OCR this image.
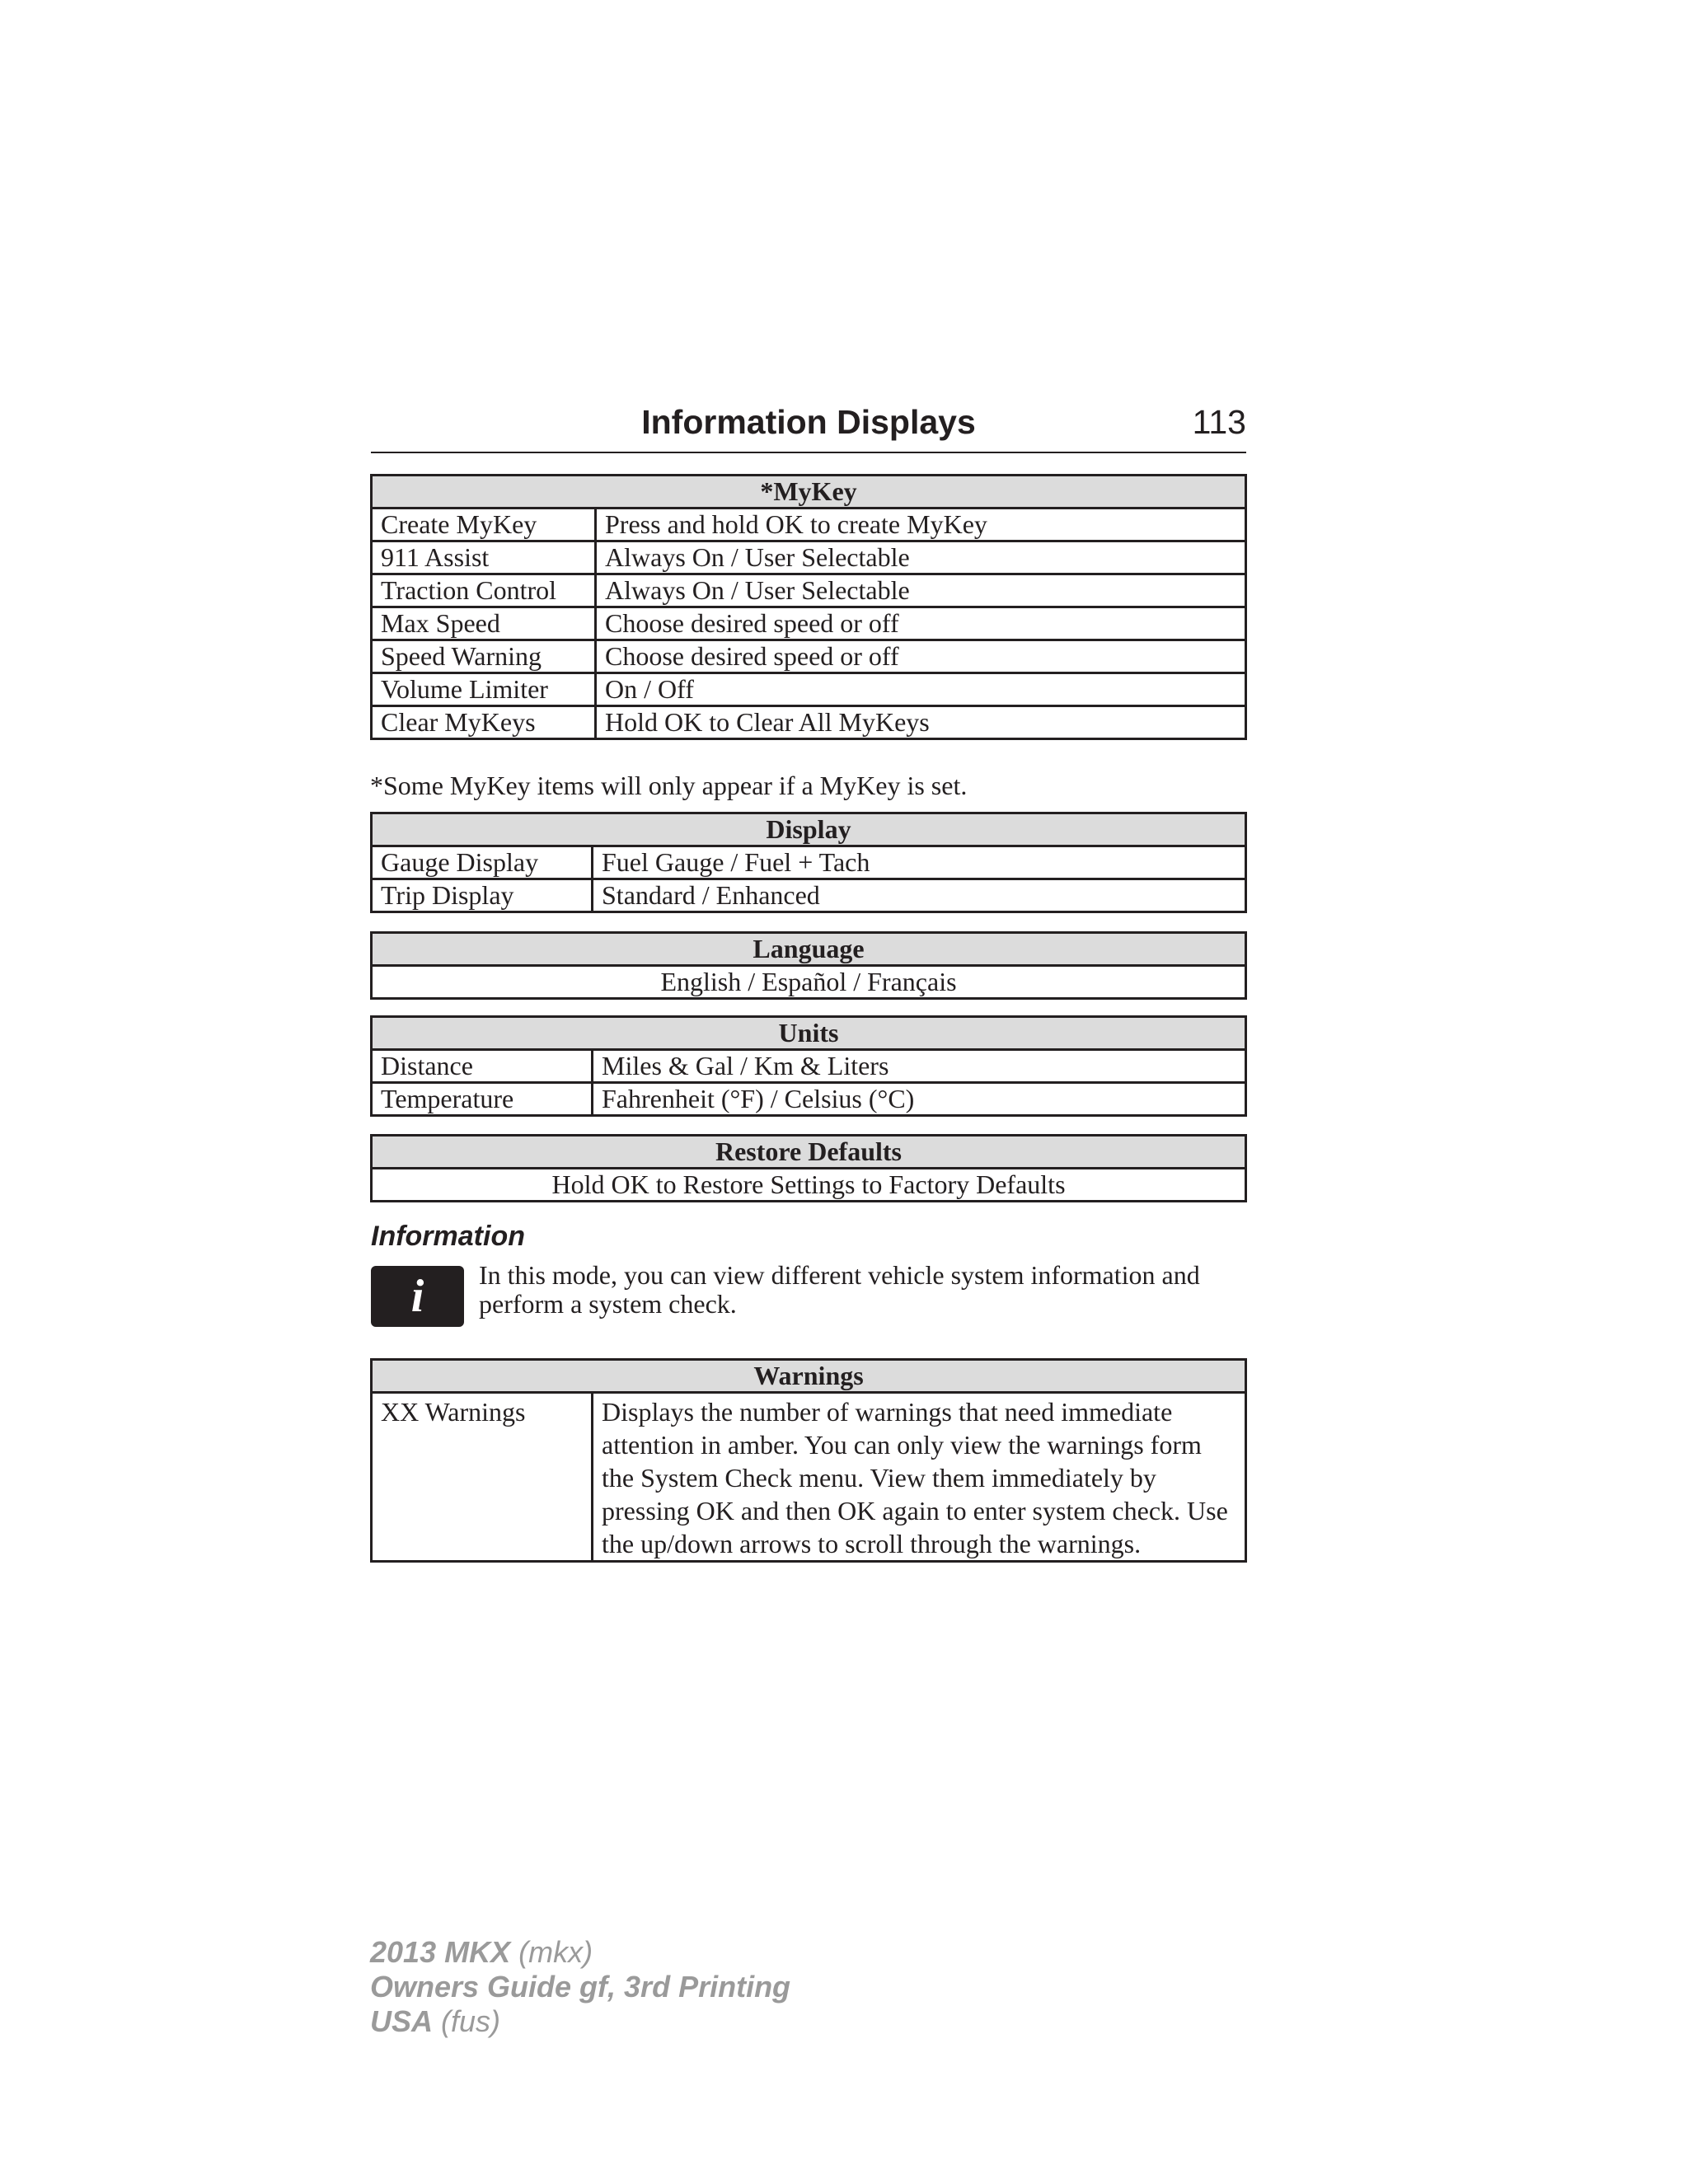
Information Displays	113
*MyKey	
Create MyKey	Press and hold OK to create MyKey
911 Assist	Always On / User Selectable
Traction Control	Always On / User Selectable
Max Speed	Choose desired speed or off
Speed Warning	Choose desired speed or off
Volume Limiter	On / Off
Clear MyKeys	Hold OK to Clear All MyKeys
*Some MyKey items will only appear if a MyKey is set.
Display	
Gauge Display	Fuel Gauge / Fuel + Tach
Trip Display	Standard / Enhanced
Language
English / Español / Français
Units	
Distance	Miles & Gal / Km & Liters
Temperature	Fahrenheit (°F) / Celsius (°C)
Restore Defaults
Hold OK to Restore Settings to Factory Defaults
Information
i	In this mode, you can view different vehicle system information and perform a system check.
Warnings
XX Warnings	Displays the number of warnings that need immediate attention in amber. You can only view the warnings form the System Check menu. View them immediately by pressing OK and then OK again to enter system check. Use the up/down arrows to scroll through the warnings.
2013 MKX (mkx)
Owners Guide gf, 3rd Printing
USA (fus)
